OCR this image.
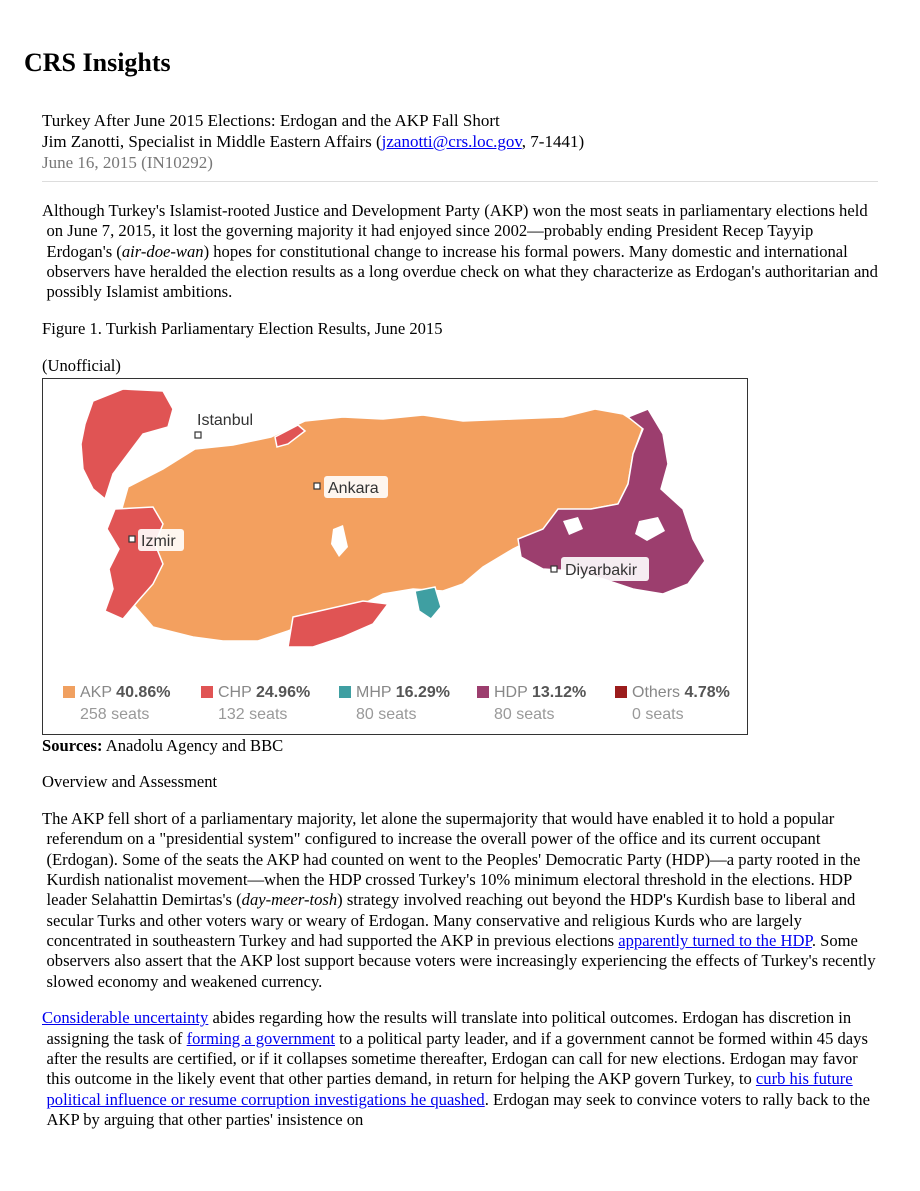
CRS Insights
Turkey After June 2015 Elections: Erdogan and the AKP Fall Short
Jim Zanotti, Specialist in Middle Eastern Affairs (jzanotti@crs.loc.gov, 7-1441)
June 16, 2015 (IN10292)

Although Turkey's Islamist-rooted Justice and Development Party (AKP) won the most seats in parliamentary elections held on June 7, 2015, it lost the governing majority it had enjoyed since 2002—probably ending President Recep Tayyip Erdogan's (air-doe-wan) hopes for constitutional change to increase his formal powers. Many domestic and international observers have heralded the election results as a long overdue check on what they characterize as Erdogan's authoritarian and possibly Islamist ambitions.

Figure 1. Turkish Parliamentary Election Results, June 2015

(Unofficial)

Istanbul
Ankara
Izmir
Diyarbakir
AKP 40.86%
258 seats
CHP 24.96%
132 seats
MHP 16.29%
80 seats
HDP 13.12%
80 seats
Others 4.78%
0 seats
Sources: Anadolu Agency and BBC

Overview and Assessment

The AKP fell short of a parliamentary majority, let alone the supermajority that would have enabled it to hold a popular referendum on a "presidential system" configured to increase the overall power of the office and its current occupant (Erdogan). Some of the seats the AKP had counted on went to the Peoples' Democratic Party (HDP)—a party rooted in the Kurdish nationalist movement—when the HDP crossed Turkey's 10% minimum electoral threshold in the elections. HDP leader Selahattin Demirtas's (day-meer-tosh) strategy involved reaching out beyond the HDP's Kurdish base to liberal and secular Turks and other voters wary or weary of Erdogan. Many conservative and religious Kurds who are largely concentrated in southeastern Turkey and had supported the AKP in previous elections apparently turned to the HDP. Some observers also assert that the AKP lost support because voters were increasingly experiencing the effects of Turkey's recently slowed economy and weakened currency.

Considerable uncertainty abides regarding how the results will translate into political outcomes. Erdogan has discretion in assigning the task of forming a government to a political party leader, and if a government cannot be formed within 45 days after the results are certified, or if it collapses sometime thereafter, Erdogan can call for new elections. Erdogan may favor this outcome in the likely event that other parties demand, in return for helping the AKP govern Turkey, to curb his future political influence or resume corruption investigations he quashed. Erdogan may seek to convince voters to rally back to the AKP by arguing that other parties' insistence on
